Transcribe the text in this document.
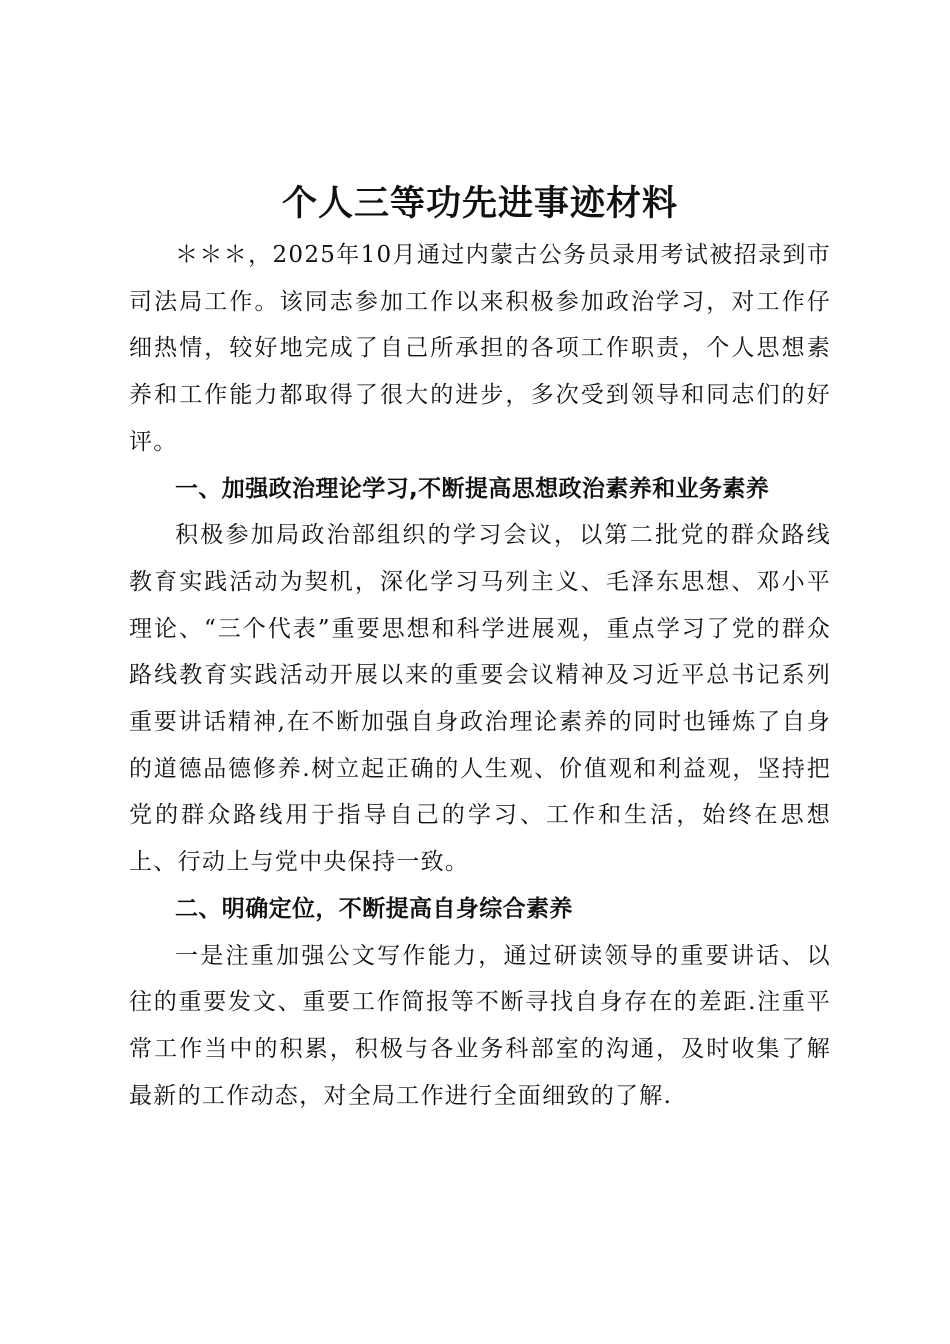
个人三等功先进事迹材料

＊＊＊，2025年10月通过内蒙古公务员录用考试被招录到市司法局工作。该同志参加工作以来积极参加政治学习，对工作仔细热情，较好地完成了自己所承担的各项工作职责，个人思想素养和工作能力都取得了很大的进步，多次受到领导和同志们的好评。

一、加强政治理论学习,不断提高思想政治素养和业务素养

积极参加局政治部组织的学习会议，以第二批党的群众路线教育实践活动为契机，深化学习马列主义、毛泽东思想、邓小平理论、“三个代表”重要思想和科学进展观，重点学习了党的群众路线教育实践活动开展以来的重要会议精神及习近平总书记系列重要讲话精神,在不断加强自身政治理论素养的同时也锤炼了自身的道德品德修养.树立起正确的人生观、价值观和利益观，坚持把党的群众路线用于指导自己的学习、工作和生活，始终在思想上、行动上与党中央保持一致。

二、明确定位，不断提高自身综合素养

一是注重加强公文写作能力，通过研读领导的重要讲话、以往的重要发文、重要工作简报等不断寻找自身存在的差距.注重平常工作当中的积累，积极与各业务科部室的沟通，及时收集了解最新的工作动态，对全局工作进行全面细致的了解.
